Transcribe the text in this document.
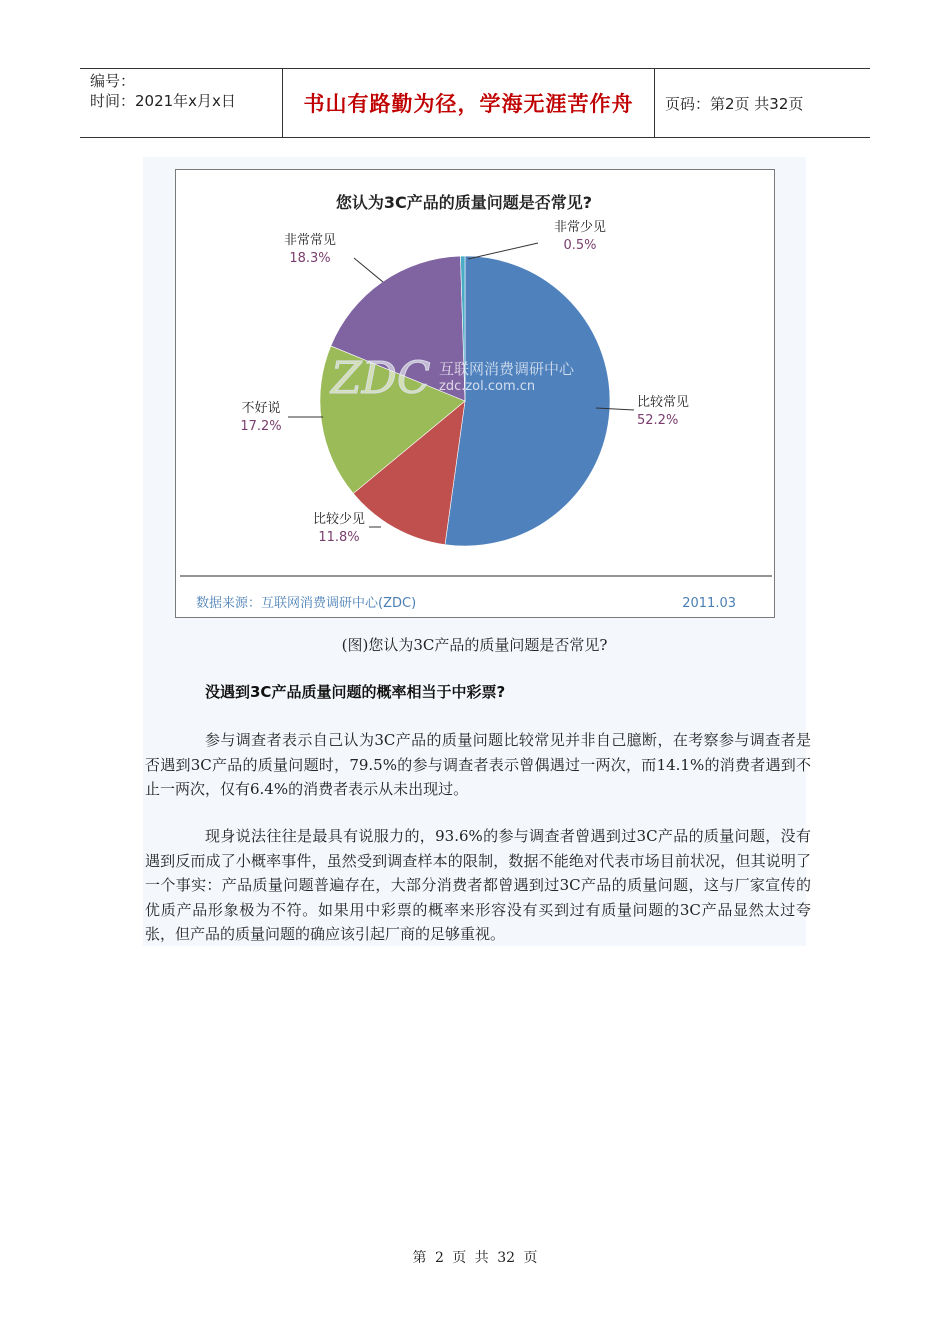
编号：
时间：2021年x月x日	书山有路勤为径，学海无涯苦作舟	页码：第2页 共32页
ZDC 互联网消费调研中心
zdc.zol.com.cn
您认为3C产品的质量问题是否常见?
数据来源：互联网消费调研中心(ZDC)	2011.03
比较常见
52.2%
比较少见
11.8%
不好说
17.2%
非常常见
18.3%
非常少见
0.5%
(图)您认为3C产品的质量问题是否常见?
没遇到3C产品质量问题的概率相当于中彩票?

参与调查者表示自己认为3C产品的质量问题比较常见并非自己臆断，在考察参与调查者是否遇到3C产品的质量问题时，79.5%的参与调查者表示曾偶遇过一两次，而14.1%的消费者遇到不止一两次，仅有6.4%的消费者表示从未出现过。

现身说法往往是最具有说服力的，93.6%的参与调查者曾遇到过3C产品的质量问题，没有遇到反而成了小概率事件，虽然受到调查样本的限制，数据不能绝对代表市场目前状况，但其说明了一个事实：产品质量问题普遍存在，大部分消费者都曾遇到过3C产品的质量问题，这与厂家宣传的优质产品形象极为不符。如果用中彩票的概率来形容没有买到过有质量问题的3C产品显然太过夸张，但产品的质量问题的确应该引起厂商的足够重视。

第 2 页 共 32 页
